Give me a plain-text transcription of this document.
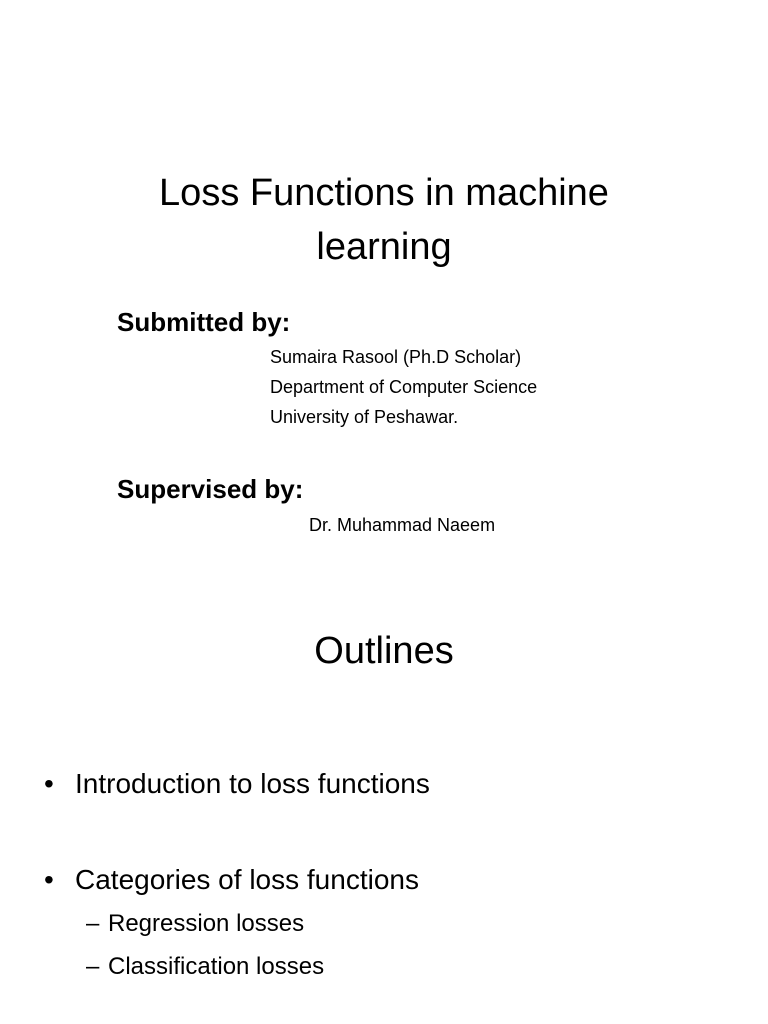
Loss Functions in machine
learning

Submitted by:

Sumaira Rasool (Ph.D Scholar)

Department of Computer Science

University of Peshawar.

Supervised by:

Dr. Muhammad Naeem

Outlines
• Introduction to loss functions
• Categories of loss functions
– Regression losses
– Classification losses
